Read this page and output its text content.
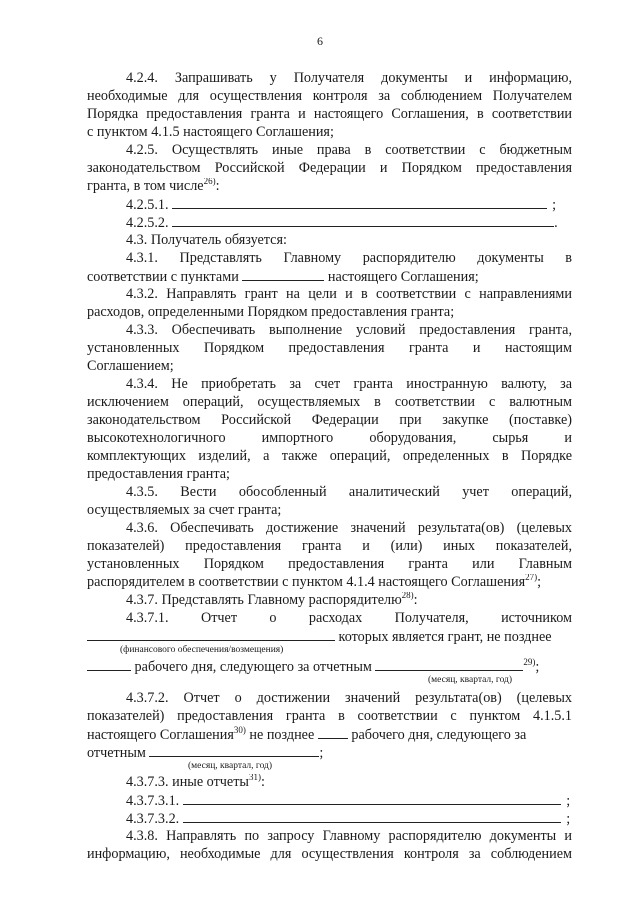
6
4.2.4. Запрашивать у Получателя документы и информацию,
необходимые для осуществления контроля за соблюдением Получателем
Порядка предоставления гранта и настоящего Соглашения, в соответствии
с пунктом 4.1.5 настоящего Соглашения;
4.2.5. Осуществлять иные права в соответствии с бюджетным
законодательством Российской Федерации и Порядком предоставления
гранта, в том числе$^{26)}$:
4.2.5.1.	;
4.2.5.2.	.
4.3. Получатель обязуется:
4.3.1. Представлять Главному распорядителю документы в
соответствии с пунктами	настоящего Соглашения;
4.3.2. Направлять грант на цели и в соответствии с направлениями
расходов, определенными Порядком предоставления гранта;
4.3.3. Обеспечивать выполнение условий предоставления гранта,
установленных Порядком предоставления гранта и настоящим
Соглашением;
4.3.4. Не приобретать за счет гранта иностранную валюту, за
исключением операций, осуществляемых в соответствии с валютным
законодательством Российской Федерации при закупке (поставке)
высокотехнологичного импортного оборудования, сырья и
комплектующих изделий, а также операций, определенных в Порядке
предоставления гранта;
4.3.5. Вести обособленный аналитический учет операций,
осуществляемых за счет гранта;
4.3.6. Обеспечивать достижение значений результата(ов) (целевых
показателей) предоставления гранта и (или) иных показателей,
установленных Порядком предоставления гранта или Главным
распорядителем в соответствии с пунктом 4.1.4 настоящего Соглашения$^{27)}$;
4.3.7. Представлять Главному распорядителю$^{28)}$:
4.3.7.1. Отчет о расходах Получателя, источником
которых является грант, не позднее
(финансового обеспечения/возмещения)
рабочего дня, следующего за отчетным	$^{29)}$;
(месяц, квартал, год)
4.3.7.2. Отчет о достижении значений результата(ов) (целевых
показателей) предоставления гранта в соответствии с пунктом 4.1.5.1
настоящего Соглашения$^{30)}$ не позднее	рабочего дня, следующего за
отчетным	;
(месяц, квартал, год)
4.3.7.3. иные отчеты$^{31)}$:
4.3.7.3.1.	;
4.3.7.3.2.	;
4.3.8. Направлять по запросу Главному распорядителю документы и
информацию, необходимые для осуществления контроля за соблюдением
